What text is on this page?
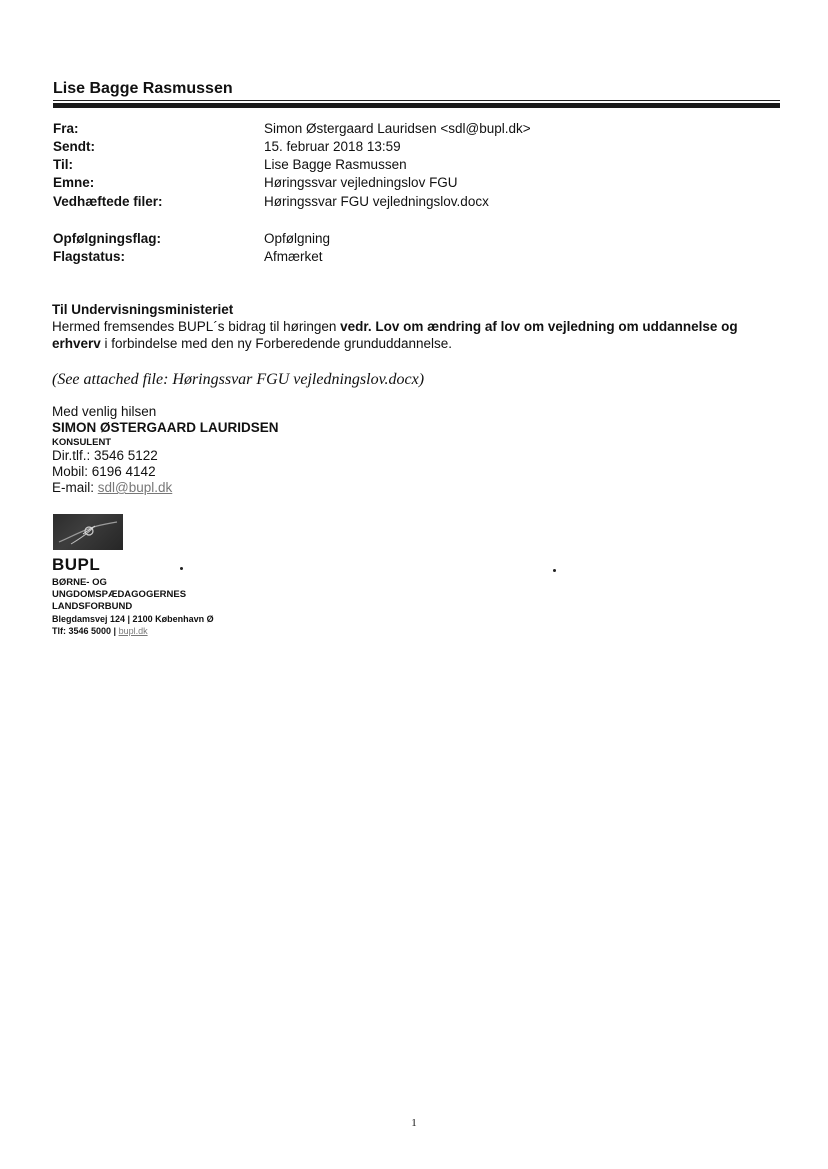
Lise Bagge Rasmussen
Fra:	Simon Østergaard Lauridsen <sdl@bupl.dk>
Sendt:	15. februar 2018 13:59
Til:	Lise Bagge Rasmussen
Emne:	Høringssvar vejledningslov FGU
Vedhæftede filer:	Høringssvar FGU vejledningslov.docx
Opfølgningsflag:	Opfølgning
Flagstatus:	Afmærket
Til Undervisningsministeriet
Hermed fremsendes BUPL´s bidrag til høringen vedr. Lov om ændring af lov om vejledning om uddannelse og erhverv i forbindelse med den ny Forberedende grunduddannelse.
(See attached file: Høringssvar FGU vejledningslov.docx)
Med venlig hilsen
SIMON ØSTERGAARD LAURIDSEN
KONSULENT
Dir.tlf.: 3546 5122
Mobil: 6196 4142
E-mail: sdl@bupl.dk
BUPL
BØRNE- OG
UNGDOMSPÆDAGOGERNES
LANDSFORBUND
Blegdamsvej 124 | 2100 København Ø
Tlf: 3546 5000 | bupl.dk
1
